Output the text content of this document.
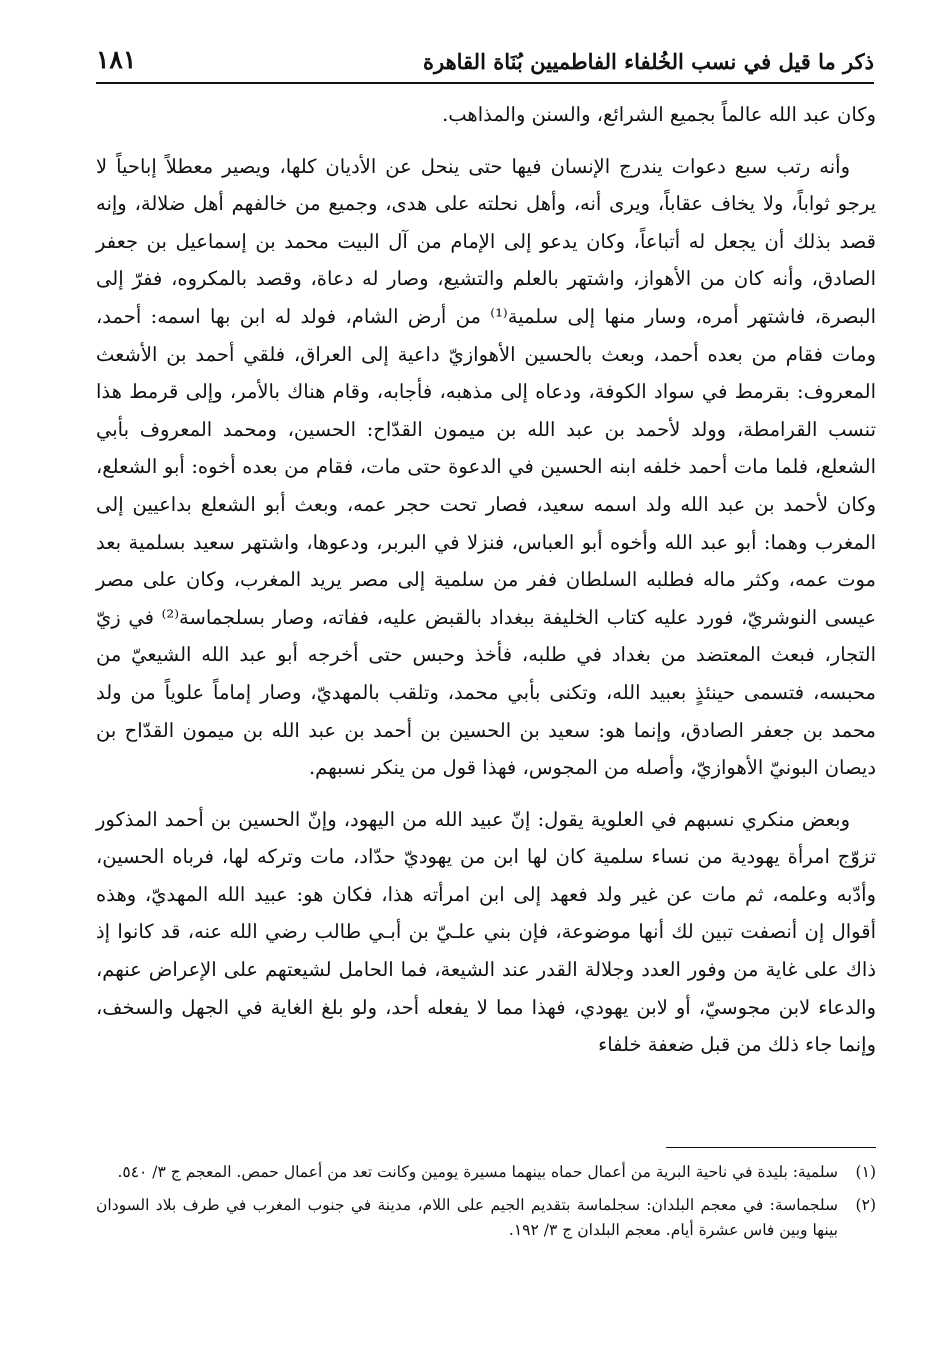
ذكر ما قيل في نسب الخُلفاء الفاطميين بُنَاة القاهرة
١٨١

وكان عبد الله عالماً بجميع الشرائع، والسنن والمذاهب.

وأنه رتب سبع دعوات يندرج الإنسان فيها حتى ينحل عن الأديان كلها، ويصير معطلاً إباحياً لا يرجو ثواباً، ولا يخاف عقاباً، ويرى أنه، وأهل نحلته على هدى، وجميع من خالفهم أهل ضلالة، وإنه قصد بذلك أن يجعل له أتباعاً، وكان يدعو إلى الإمام من آل البيت محمد بن إسماعيل بن جعفر الصادق، وأنه كان من الأهواز، واشتهر بالعلم والتشيع، وصار له دعاة، وقصد بالمكروه، ففرّ إلى البصرة، فاشتهر أمره، وسار منها إلى سلمية⁽¹⁾ من أرض الشام، فولد له ابن بها اسمه: أحمد، ومات فقام من بعده أحمد، وبعث بالحسين الأهوازيّ داعية إلى العراق، فلقي أحمد بن الأشعث المعروف: بقرمط في سواد الكوفة، ودعاه إلى مذهبه، فأجابه، وقام هناك بالأمر، وإلى قرمط هذا تنسب القرامطة، وولد لأحمد بن عبد الله بن ميمون القدّاح: الحسين، ومحمد المعروف بأبي الشعلع، فلما مات أحمد خلفه ابنه الحسين في الدعوة حتى مات، فقام من بعده أخوه: أبو الشعلع، وكان لأحمد بن عبد الله ولد اسمه سعيد، فصار تحت حجر عمه، وبعث أبو الشعلع بداعيين إلى المغرب وهما: أبو عبد الله وأخوه أبو العباس، فنزلا في البربر، ودعوها، واشتهر سعيد بسلمية بعد موت عمه، وكثر ماله فطلبه السلطان ففر من سلمية إلى مصر يريد المغرب، وكان على مصر عيسى النوشريّ، فورد عليه كتاب الخليفة ببغداد بالقبض عليه، ففاته، وصار بسلجماسة⁽²⁾ في زيّ التجار، فبعث المعتضد من بغداد في طلبه، فأخذ وحبس حتى أخرجه أبو عبد الله الشيعيّ من محبسه، فتسمى حينئذٍ بعبيد الله، وتكنى بأبي محمد، وتلقب بالمهديّ، وصار إماماً علوياً من ولد محمد بن جعفر الصادق، وإنما هو: سعيد بن الحسين بن أحمد بن عبد الله بن ميمون القدّاح بن ديصان البونيّ الأهوازيّ، وأصله من المجوس، فهذا قول من ينكر نسبهم.

وبعض منكري نسبهم في العلوية يقول: إنّ عبيد الله من اليهود، وإنّ الحسين بن أحمد المذكور تزوّج امرأة يهودية من نساء سلمية كان لها ابن من يهوديّ حدّاد، مات وتركه لها، فرباه الحسين، وأدّبه وعلمه، ثم مات عن غير ولد فعهد إلى ابن امرأته هذا، فكان هو: عبيد الله المهديّ، وهذه أقوال إن أنصفت تبين لك أنها موضوعة، فإن بني علـيّ بن أبـي طالب رضي الله عنه، قد كانوا إذ ذاك على غاية من وفور العدد وجلالة القدر عند الشيعة، فما الحامل لشيعتهم على الإعراض عنهم، والدعاء لابن مجوسيّ، أو لابن يهودي، فهذا مما لا يفعله أحد، ولو بلغ الغاية في الجهل والسخف، وإنما جاء ذلك من قبل ضعفة خلفاء

(١)
سلمية: بليدة في ناحية البرية من أعمال حماه بينهما مسيرة يومين وكانت تعد من أعمال حمص. المعجم ج ٣/ ٥٤٠.
(٢)
سلجماسة: في معجم البلدان: سجلماسة بتقديم الجيم على اللام، مدينة في جنوب المغرب في طرف بلاد السودان بينها وبين فاس عشرة أيام. معجم البلدان ج ٣/ ١٩٢.
